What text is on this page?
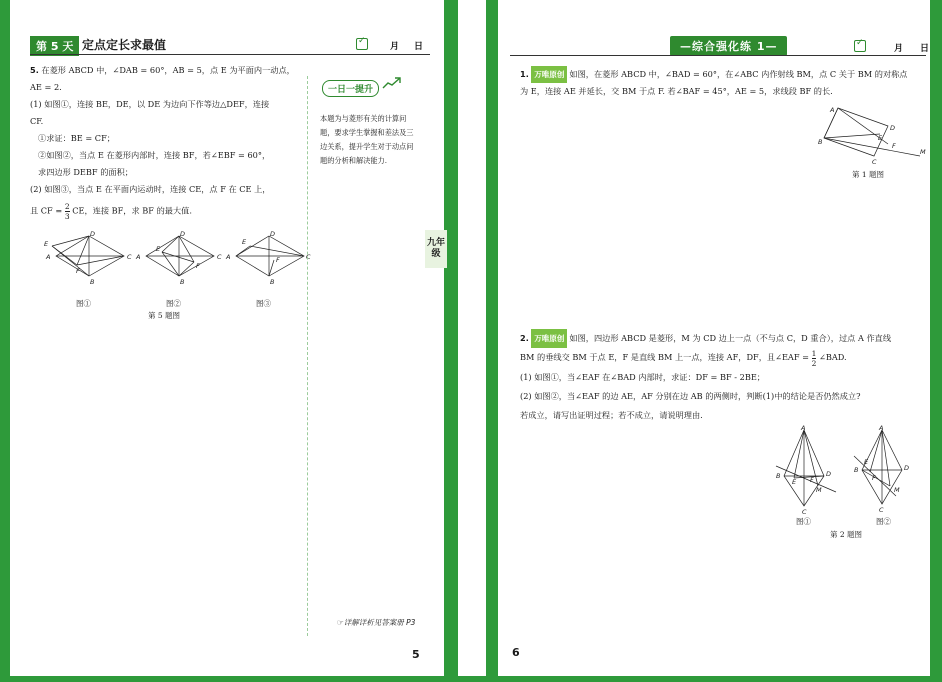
第 5 天 定点定长求最值 ✓	月 日
5. 在菱形 ABCD 中，∠DAB = 60°，AB = 5，点 E 为平面内一动点，
AE = 2.
(1) 如图①，连接 BE，DE，以 DE 为边向下作等边△DEF，连接
CF.
①求证：BE = CF；
②如图②，当点 E 在菱形内部时，连接 BF，若∠EBF = 60°，
求四边形 DEBF 的面积；
(2) 如图③，当点 E 在平面内运动时，连接 CE，点 F 在 CE 上，
且 CF = $\frac{2}{3}$ CE，连接 BF，求 BF 的最大值.
A
D
C
B
E
F
A
D
C
B
E
F
A
D
C
B
E
F
图①	图②	图③
第 5 题图
一日一提升
本题为与菱形有关的计算问题，要求学生掌握和差法及三边关系，提升学生对于动点问题的分析和解决能力.
☞详解详析见答案册 P3
5
九年级
—综合强化练 1— ✓	月 日
1. 万唯原创 如图，在菱形 ABCD 中，∠BAD = 60°，在∠ABC 内作射线 BM，点 C 关于 BM 的对称点
为 E，连接 AE 并延长，交 BM 于点 F. 若∠BAF = 45°，AE = 5，求线段 BF 的长.
A
D
B
C
E
F
M
第 1 题图
2. 万唯原创 如图，四边形 ABCD 是菱形，M 为 CD 边上一点（不与点 C，D 重合），过点 A 作直线
BM 的垂线交 BM 于点 E，F 是直线 BM 上一点，连接 AF，DF，且∠EAF = $\frac{1}{2}$ ∠BAD.
(1) 如图①，当∠EAF 在∠BAD 内部时，求证：DF = BF - 2BE；
(2) 如图②，当∠EAF 的边 AE，AF 分别在边 AB 的两侧时，判断(1)中的结论是否仍然成立?
若成立，请写出证明过程；若不成立，请说明理由.
A
B	D
C
E F
M
A
B	D
C
E
F
M
图①	图②
第 2 题图
6
